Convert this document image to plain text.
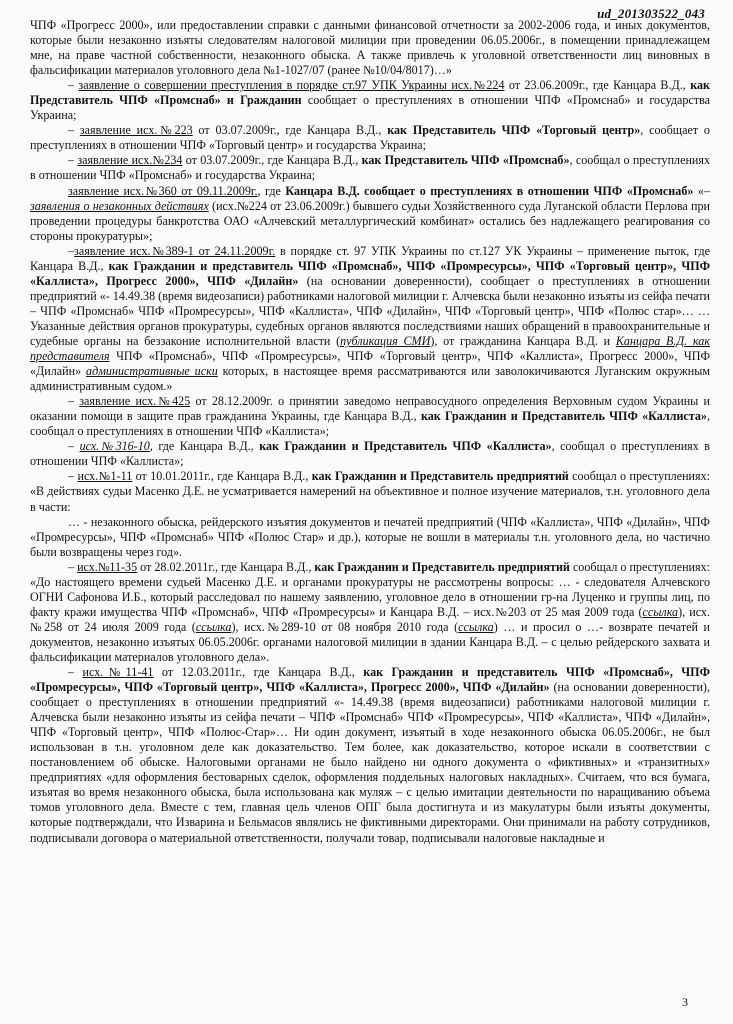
ud_201303522_043

ЧПФ «Прогресс 2000», или предоставлении справки с данными финансовой отчетности за 2002-2006 года, и иных документов, которые были незаконно изъяты следователям налоговой милиции при проведении 06.05.2006г., в помещении принадлежащем мне, на праве частной собственности, незаконного обыска. А также привлечь к уголовной ответственности лиц виновных в фальсификации материалов уголовного дела №1-1027/07 (ранее №10/04/8017)…»

– заявление о совершении преступления в порядке ст.97 УПК Украины исх.№224 от 23.06.2009г., где Канцара В.Д., как Представитель ЧПФ «Промснаб» и Гражданин сообщает о преступлениях в отношении ЧПФ «Промснаб» и государства Украина;

– заявление исх.№223 от 03.07.2009г., где Канцара В.Д., как Представитель ЧПФ «Торговый центр», сообщает о преступлениях в отношении ЧПФ «Торговый центр» и государства Украина;

– заявление исх.№234 от 03.07.2009г., где Канцара В.Д., как Представитель ЧПФ «Промснаб», сообщал о преступлениях в отношении ЧПФ «Промснаб» и государства Украина;

заявление исх.№360 от 09.11.2009г., где Канцара В.Д. сообщает о преступлениях в отношении ЧПФ «Промснаб» «– заявления о незаконных действиях (исх.№224 от 23.06.2009г.) бывшего судьи Хозяйственного суда Луганской области Перлова при проведении процедуры банкротства ОАО «Алчевский металлургический комбинат» остались без надлежащего реагирования со стороны прокуратуры»;

–заявление исх.№389-1 от 24.11.2009г. в порядке ст. 97 УПК Украины по ст.127 УК Украины – применение пыток, где Канцара В.Д., как Гражданин и представитель ЧПФ «Промснаб», ЧПФ «Промресурсы», ЧПФ «Торговый центр», ЧПФ «Каллиста», Прогресс 2000», ЧПФ «Дилайн» (на основании доверенности), сообщает о преступлениях в отношении предприятий «- 14.49.38 (время видеозаписи) работниками налоговой милиции г. Алчевска были незаконно изъяты из сейфа печати – ЧПФ «Промснаб» ЧПФ «Промресурсы», ЧПФ «Каллиста», ЧПФ «Дилайн», ЧПФ «Торговый центр», ЧПФ «Полюс стар»… …Указанные действия органов прокуратуры, судебных органов являются последствиями наших обращений в правоохранительные и судебные органы на беззаконие исполнительной власти (публикация СМИ), от гражданина Канцара В.Д. и Канцара В.Д. как представителя ЧПФ «Промснаб», ЧПФ «Промресурсы», ЧПФ «Торговый центр», ЧПФ «Каллиста», Прогресс 2000», ЧПФ «Дилайн» административные иски которых, в настоящее время рассматриваются или заволокичиваются Луганским окружным административным судом.»

– заявление исх.№425 от 28.12.2009г. о принятии заведомо неправосудного определения Верховным судом Украины и оказании помощи в защите прав гражданина Украины, где Канцара В.Д., как Гражданин и Представитель ЧПФ «Каллиста», сообщал о преступлениях в отношении ЧПФ «Каллиста»;

– исх.№316-10, где Канцара В.Д., как Гражданин и Представитель ЧПФ «Каллиста», сообщал о преступлениях в отношении ЧПФ «Каллиста»;

– исх.№1-11 от 10.01.2011г., где Канцара В.Д., как Гражданин и Представитель предприятий сообщал о преступлениях: «В действиях судьи Масенко Д.Е. не усматривается намерений на объективное и полное изучение материалов, т.н. уголовного дела в части:

… - незаконного обыска, рейдерского изъятия документов и печатей предприятий (ЧПФ «Каллиста», ЧПФ «Дилайн», ЧПФ «Промресурсы», ЧПФ «Промснаб» ЧПФ «Полюс Стар» и др.), которые не вошли в материалы т.н. уголовного дела, но частично были возвращены через год».

– исх.№11-35 от 28.02.2011г., где Канцара В.Д., как Гражданин и Представитель предприятий сообщал о преступлениях: «До настоящего времени судьей Масенко Д.Е. и органами прокуратуры не рассмотрены вопросы: … - следователя Алчевского ОГНИ Сафонова И.Б., который расследовал по нашему заявлению, уголовное дело в отношении гр-на Луценко и группы лиц, по факту кражи имущества ЧПФ «Промснаб», ЧПФ «Промресурсы» и Канцара В.Д. – исх.№203 от 25 мая 2009 года (ссылка), исх.№258 от 24 июля 2009 года (ссылка), исх.№289-10 от 08 ноября 2010 года (ссылка) … и просил о …- возврате печатей и документов, незаконно изъятых 06.05.2006г. органами налоговой милиции в здании Канцара В.Д. – с целью рейдерского захвата и фальсификации материалов уголовного дела».

– исх.№11-41 от 12.03.2011г., где Канцара В.Д., как Гражданин и представитель ЧПФ «Промснаб», ЧПФ «Промресурсы», ЧПФ «Торговый центр», ЧПФ «Каллиста», Прогресс 2000», ЧПФ «Дилайн» (на основании доверенности), сообщает о преступлениях в отношении предприятий «- 14.49.38 (время видеозаписи) работниками налоговой милиции г. Алчевска были незаконно изъяты из сейфа печати – ЧПФ «Промснаб» ЧПФ «Промресурсы», ЧПФ «Каллиста», ЧПФ «Дилайн», ЧПФ «Торговый центр», ЧПФ «Полюс-Стар»… Ни один документ, изъятый в ходе незаконного обыска 06.05.2006г., не был использован в т.н. уголовном деле как доказательство. Тем более, как доказательство, которое искали в соответствии с постановлением об обыске. Налоговыми органами не было найдено ни одного документа о «фиктивных» и «транзитных» предприятиях «для оформления бестоварных сделок, оформления поддельных налоговых накладных». Считаем, что вся бумага, изъятая во время незаконного обыска, была использована как муляж – с целью имитации деятельности по наращиванию объема томов уголовного дела. Вместе с тем, главная цель членов ОПГ была достигнута и из макулатуры были изъяты документы, которые подтверждали, что Изварина и Бельмасов являлись не фиктивными директорами. Они принимали на работу сотрудников, подписывали договора о материальной ответственности, получали товар, подписывали налоговые накладные и

3
